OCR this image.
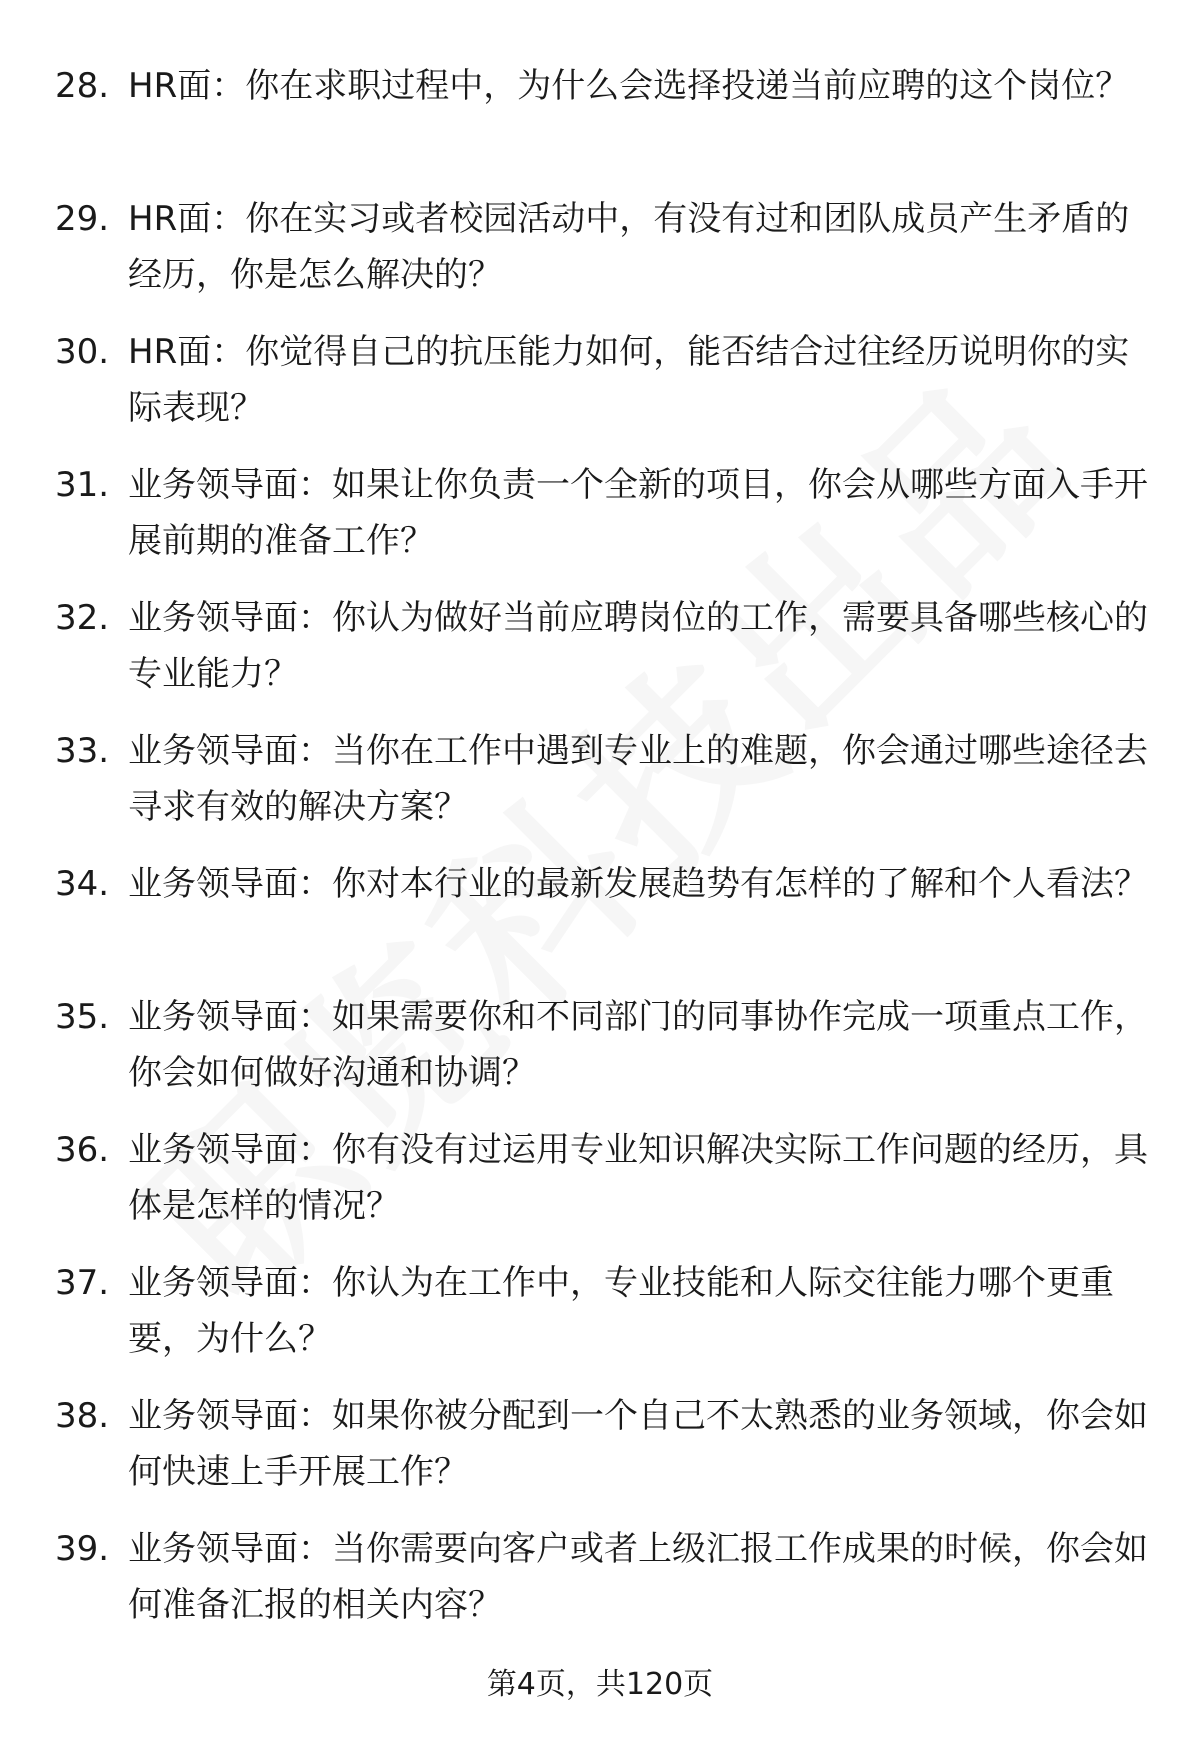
28. HR面：你在求职过程中，为什么会选择投递当前应聘的这个岗位？
29. HR面：你在实习或者校园活动中，有没有过和团队成员产生矛盾的经历，你是怎么解决的？
30. HR面：你觉得自己的抗压能力如何，能否结合过往经历说明你的实际表现？
31. 业务领导面：如果让你负责一个全新的项目，你会从哪些方面入手开展前期的准备工作？
32. 业务领导面：你认为做好当前应聘岗位的工作，需要具备哪些核心的专业能力？
33. 业务领导面：当你在工作中遇到专业上的难题，你会通过哪些途径去寻求有效的解决方案？
34. 业务领导面：你对本行业的最新发展趋势有怎样的了解和个人看法？
35. 业务领导面：如果需要你和不同部门的同事协作完成一项重点工作，你会如何做好沟通和协调？
36. 业务领导面：你有没有过运用专业知识解决实际工作问题的经历，具体是怎样的情况？
37. 业务领导面：你认为在工作中，专业技能和人际交往能力哪个更重要，为什么？
38. 业务领导面：如果你被分配到一个自己不太熟悉的业务领域，你会如何快速上手开展工作？
39. 业务领导面：当你需要向客户或者上级汇报工作成果的时候，你会如何准备汇报的相关内容？
第4页，共120页
